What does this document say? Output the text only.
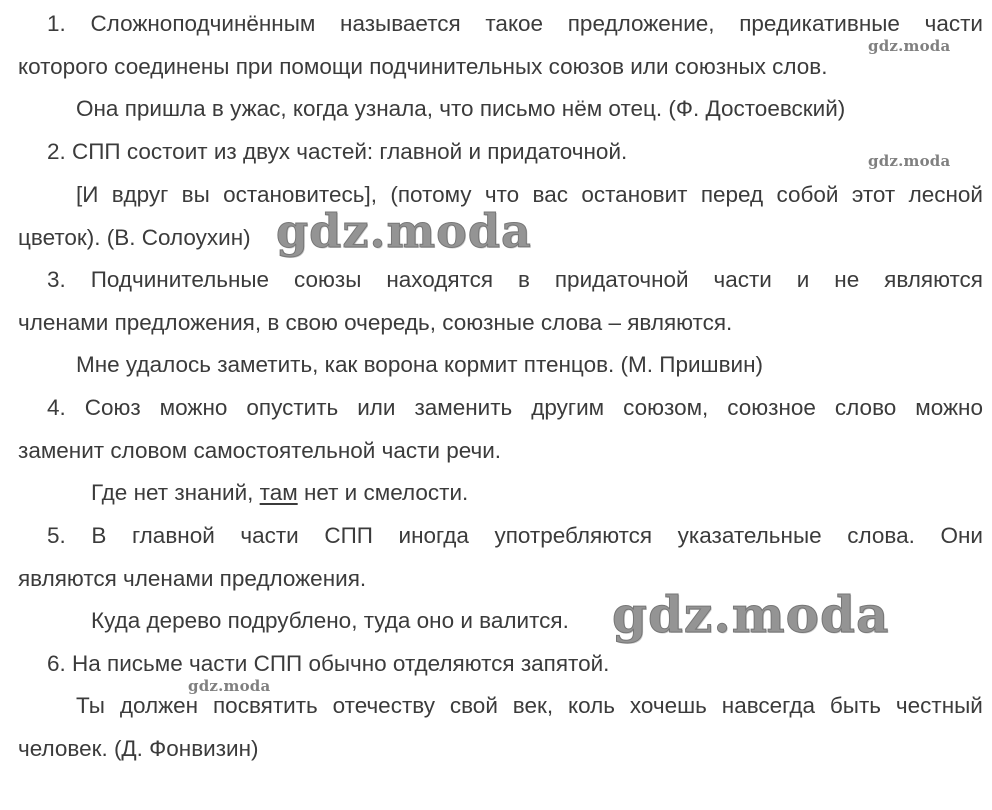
1. Сложноподчинённым называется такое предложение, предикативные части

которого соединены при помощи подчинительных союзов или союзных слов.

Она пришла в ужас, когда узнала, что письмо нём отец. (Ф. Достоевский)

2. СПП состоит из двух частей: главной и придаточной.

[И вдруг вы остановитесь], (потому что вас остановит перед собой этот лесной

цветок). (В. Солоухин)

3. Подчинительные союзы находятся в придаточной части и не являются

членами предложения, в свою очередь, союзные слова – являются.

Мне удалось заметить, как ворона кормит птенцов. (М. Пришвин)

4. Союз можно опустить или заменить другим союзом, союзное слово можно

заменит словом самостоятельной части речи.

Где нет знаний, там нет и смелости.

5. В главной части СПП иногда употребляются указательные слова. Они

являются членами предложения.

Куда дерево подрублено, туда оно и валится.

6. На письме части СПП обычно отделяются запятой.

Ты должен посвятить отечеству свой век, коль хочешь навсегда быть честный

человек. (Д. Фонвизин)

gdz.moda
gdz.moda
gdz.moda
gdz.moda
gdz.moda
